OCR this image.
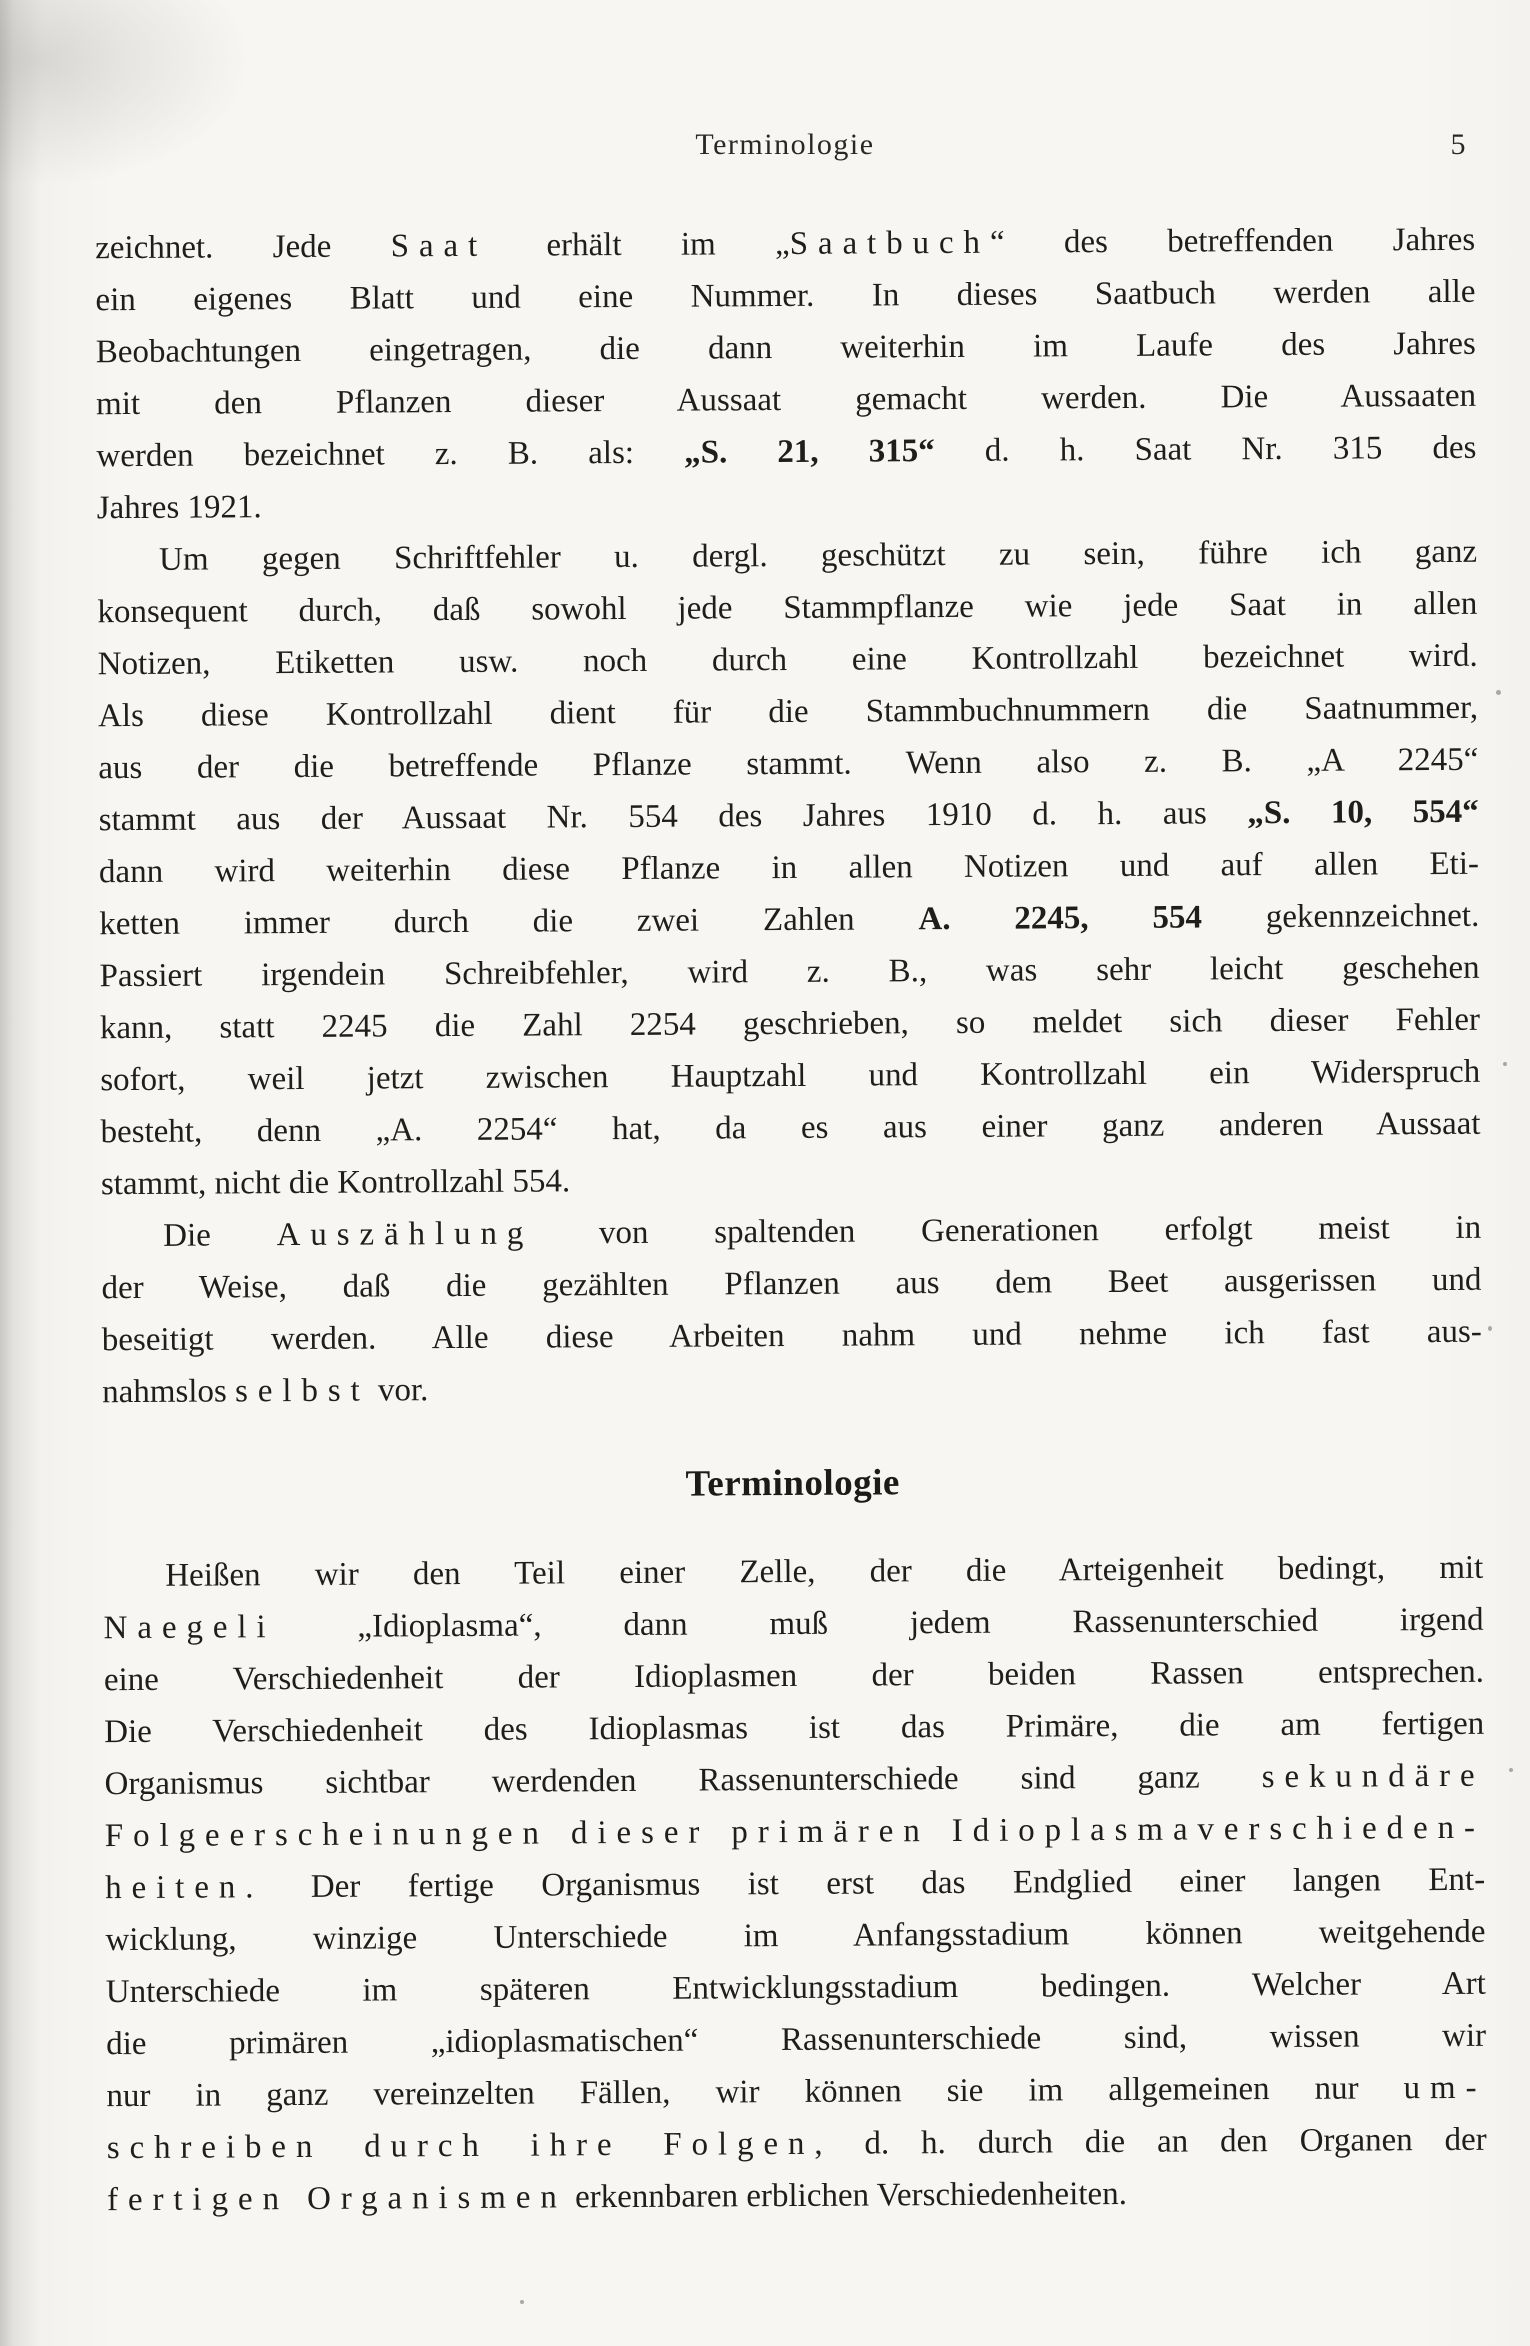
Terminologie	5
zeichnet. Jede Saat erhält im „Saatbuch“ des betreffenden Jahres
ein eigenes Blatt und eine Nummer. In dieses Saatbuch werden alle
Beobachtungen eingetragen, die dann weiterhin im Laufe des Jahres
mit den Pflanzen dieser Aussaat gemacht werden. Die Aussaaten
werden bezeichnet z. B. als: „S. 21, 315“ d. h. Saat Nr. 315 des
Jahres 1921.
Um gegen Schriftfehler u. dergl. geschützt zu sein, führe ich ganz
konsequent durch, daß sowohl jede Stammpflanze wie jede Saat in allen
Notizen, Etiketten usw. noch durch eine Kontrollzahl bezeichnet wird.
Als diese Kontrollzahl dient für die Stammbuchnummern die Saatnummer,
aus der die betreffende Pflanze stammt. Wenn also z. B. „A 2245“
stammt aus der Aussaat Nr. 554 des Jahres 1910 d. h. aus „S. 10, 554“
dann wird weiterhin diese Pflanze in allen Notizen und auf allen Eti-
ketten immer durch die zwei Zahlen A. 2245, 554 gekennzeichnet.
Passiert irgendein Schreibfehler, wird z. B., was sehr leicht geschehen
kann, statt 2245 die Zahl 2254 geschrieben, so meldet sich dieser Fehler
sofort, weil jetzt zwischen Hauptzahl und Kontrollzahl ein Widerspruch
besteht, denn „A. 2254“ hat, da es aus einer ganz anderen Aussaat
stammt, nicht die Kontrollzahl 554.
Die Auszählung von spaltenden Generationen erfolgt meist in
der Weise, daß die gezählten Pflanzen aus dem Beet ausgerissen und
beseitigt werden. Alle diese Arbeiten nahm und nehme ich fast aus-
nahmslos selbst vor.
Terminologie
Heißen wir den Teil einer Zelle, der die Arteigenheit bedingt, mit
Naegeli „Idioplasma“, dann muß jedem Rassenunterschied irgend
eine Verschiedenheit der Idioplasmen der beiden Rassen entsprechen.
Die Verschiedenheit des Idioplasmas ist das Primäre, die am fertigen
Organismus sichtbar werdenden Rassenunterschiede sind ganz sekundäre
Folgeerscheinungen dieser primären Idioplasmaverschieden-
heiten. Der fertige Organismus ist erst das Endglied einer langen Ent-
wicklung, winzige Unterschiede im Anfangsstadium können weitgehende
Unterschiede im späteren Entwicklungsstadium bedingen. Welcher Art
die primären „idioplasmatischen“ Rassenunterschiede sind, wissen wir
nur in ganz vereinzelten Fällen, wir können sie im allgemeinen nur um-
schreiben durch ihre Folgen, d. h. durch die an den Organen der
fertigen Organismen erkennbaren erblichen Verschiedenheiten.
